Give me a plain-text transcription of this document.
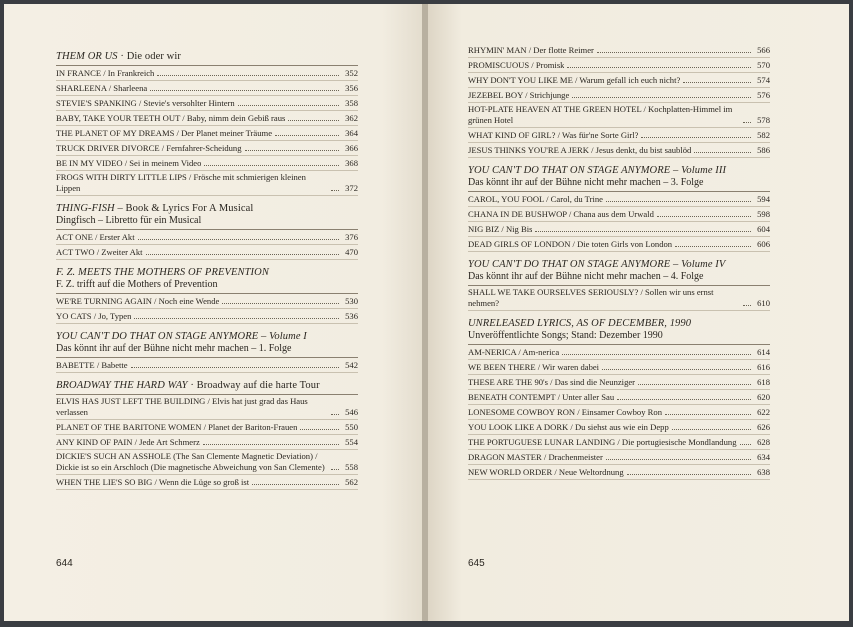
THEM OR US · Die oder wir
IN FRANCE / In Frankreich	352
SHARLEENA / Sharleena	356
STEVIE'S SPANKING / Stevie's versohlter Hintern	358
BABY, TAKE YOUR TEETH OUT / Baby, nimm dein Gebiß raus	362
THE PLANET OF MY DREAMS / Der Planet meiner Träume	364
TRUCK DRIVER DIVORCE / Fernfahrer-Scheidung	366
BE IN MY VIDEO / Sei in meinem Video	368
FROGS WITH DIRTY LITTLE LIPS / Frösche mit schmierigen kleinen Lippen	372
THING-FISH – Book & Lyrics For A Musical
Dingfisch – Libretto für ein Musical
ACT ONE / Erster Akt	376
ACT TWO / Zweiter Akt	470
F. Z. MEETS THE MOTHERS OF PREVENTION
F. Z. trifft auf die Mothers of Prevention
WE'RE TURNING AGAIN / Noch eine Wende	530
YO CATS / Jo, Typen	536
YOU CAN'T DO THAT ON STAGE ANYMORE – Volume I
Das könnt ihr auf der Bühne nicht mehr machen – 1. Folge
BABETTE / Babette	542
BROADWAY THE HARD WAY · Broadway auf die harte Tour
ELVIS HAS JUST LEFT THE BUILDING / Elvis hat just grad das Haus verlassen	546
PLANET OF THE BARITONE WOMEN / Planet der Bariton-Frauen	550
ANY KIND OF PAIN / Jede Art Schmerz	554
DICKIE'S SUCH AN ASSHOLE (The San Clemente Magnetic Deviation) / Dickie ist so ein Arschloch (Die magnetische Abweichung von San Clemente)	558
WHEN THE LIE'S SO BIG / Wenn die Lüge so groß ist	562
644
RHYMIN' MAN / Der flotte Reimer	566
PROMISCUOUS / Promisk	570
WHY DON'T YOU LIKE ME / Warum gefall ich euch nicht?	574
JEZEBEL BOY / Strichjunge	576
HOT-PLATE HEAVEN AT THE GREEN HOTEL / Kochplatten-Himmel im grünen Hotel	578
WHAT KIND OF GIRL? / Was für'ne Sorte Girl?	582
JESUS THINKS YOU'RE A JERK / Jesus denkt, du bist saublöd	586
YOU CAN'T DO THAT ON STAGE ANYMORE – Volume III
Das könnt ihr auf der Bühne nicht mehr machen – 3. Folge
CAROL, YOU FOOL / Carol, du Trine	594
CHANA IN DE BUSHWOP / Chana aus dem Urwald	598
NIG BIZ / Nig Bis	604
DEAD GIRLS OF LONDON / Die toten Girls von London	606
YOU CAN'T DO THAT ON STAGE ANYMORE – Volume IV
Das könnt ihr auf der Bühne nicht mehr machen – 4. Folge
SHALL WE TAKE OURSELVES SERIOUSLY? / Sollen wir uns ernst nehmen?	610
UNRELEASED LYRICS, AS OF DECEMBER, 1990
Unveröffentlichte Songs; Stand: Dezember 1990
AM-NERICA / Am-nerica	614
WE BEEN THERE / Wir waren dabei	616
THESE ARE THE 90's / Das sind die Neunziger	618
BENEATH CONTEMPT / Unter aller Sau	620
LONESOME COWBOY RON / Einsamer Cowboy Ron	622
YOU LOOK LIKE A DORK / Du siehst aus wie ein Depp	626
THE PORTUGUESE LUNAR LANDING / Die portugiesische Mondlandung	628
DRAGON MASTER / Drachenmeister	634
NEW WORLD ORDER / Neue Weltordnung	638
645
